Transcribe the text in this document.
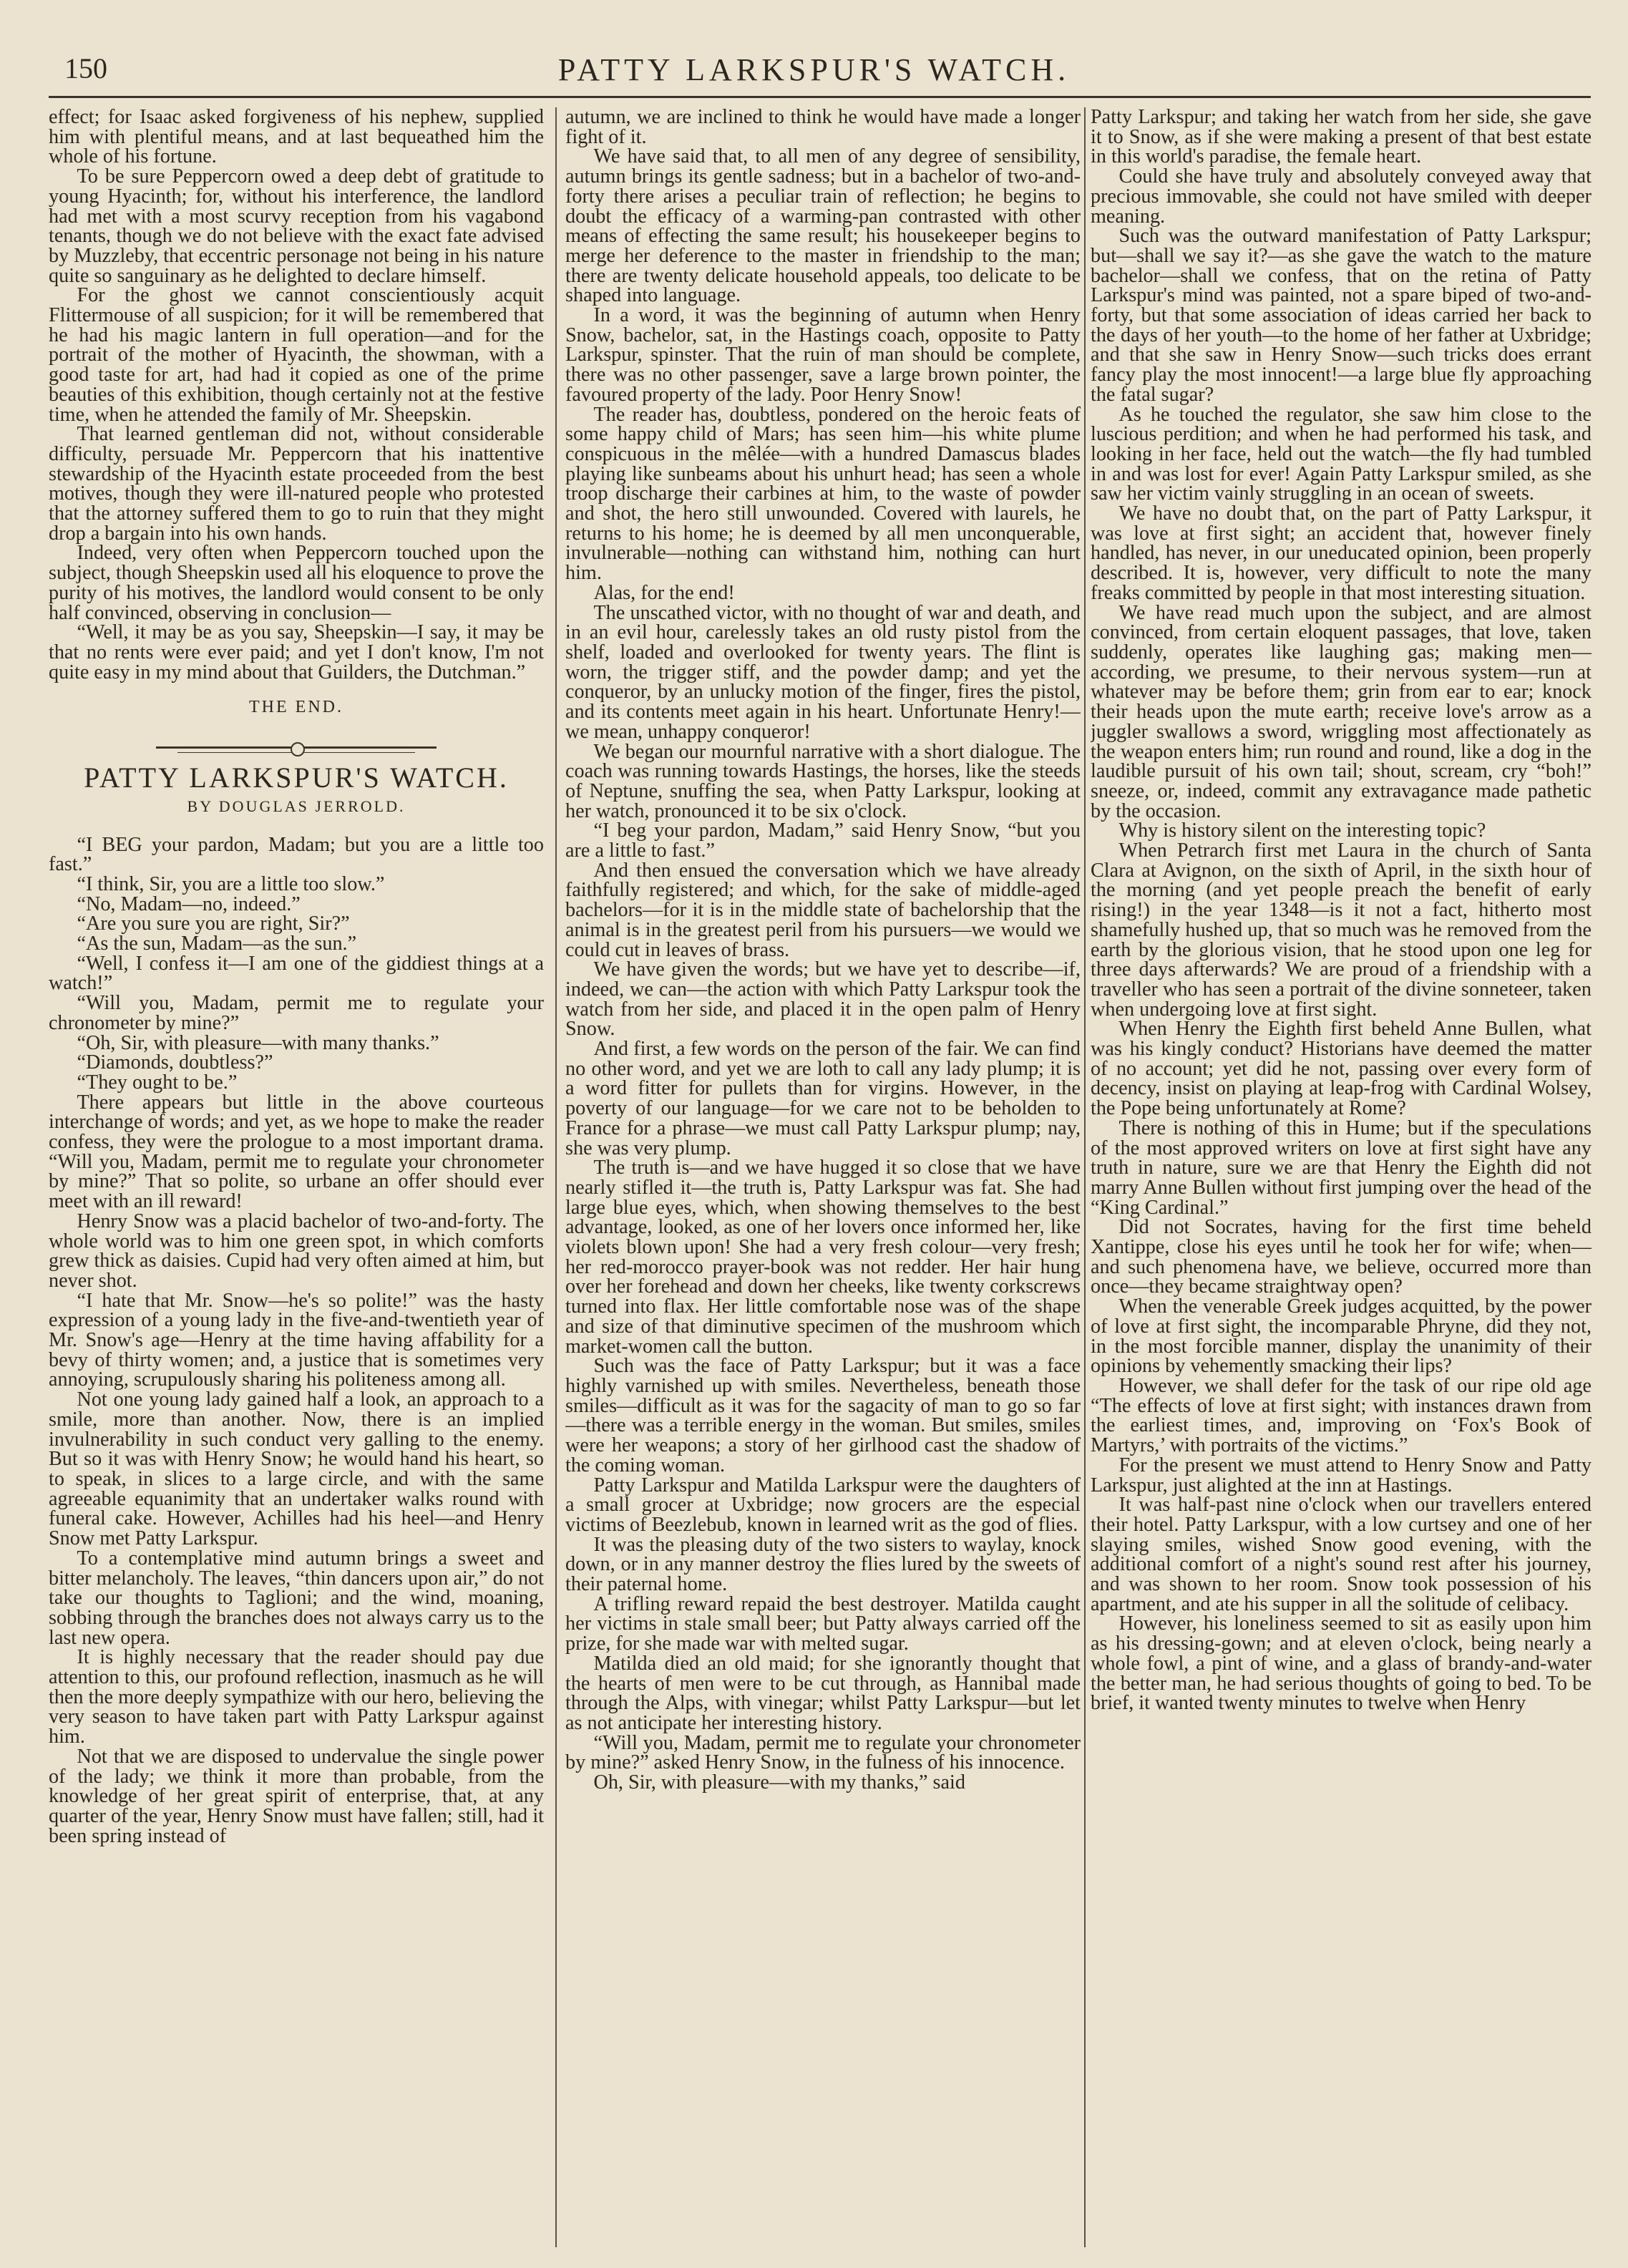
150	PATTY LARKSPUR'S WATCH.

effect; for Isaac asked forgiveness of his nephew, supplied him with plentiful means, and at last bequeathed him the whole of his fortune.

To be sure Peppercorn owed a deep debt of gratitude to young Hyacinth; for, without his interference, the landlord had met with a most scurvy reception from his vagabond tenants, though we do not believe with the exact fate advised by Muzzleby, that eccentric personage not being in his nature quite so sanguinary as he delighted to declare himself.

For the ghost we cannot conscientiously acquit Flittermouse of all suspicion; for it will be remembered that he had his magic lantern in full operation—and for the portrait of the mother of Hyacinth, the showman, with a good taste for art, had had it copied as one of the prime beauties of this exhibition, though certainly not at the festive time, when he attended the family of Mr. Sheepskin.

That learned gentleman did not, without considerable difficulty, persuade Mr. Peppercorn that his inattentive stewardship of the Hyacinth estate proceeded from the best motives, though they were ill-natured people who protested that the attorney suffered them to go to ruin that they might drop a bargain into his own hands.

Indeed, very often when Peppercorn touched upon the subject, though Sheepskin used all his eloquence to prove the purity of his motives, the landlord would consent to be only half convinced, observing in conclusion—

“Well, it may be as you say, Sheepskin—I say, it may be that no rents were ever paid; and yet I don't know, I'm not quite easy in my mind about that Guilders, the Dutchman.”

THE END.

PATTY LARKSPUR'S WATCH.

BY DOUGLAS JERROLD.

“I BEG your pardon, Madam; but you are a little too fast.”

“I think, Sir, you are a little too slow.”

“No, Madam—no, indeed.”

“Are you sure you are right, Sir?”

“As the sun, Madam—as the sun.”

“Well, I confess it—I am one of the giddiest things at a watch!”

“Will you, Madam, permit me to regulate your chronometer by mine?”

“Oh, Sir, with pleasure—with many thanks.”

“Diamonds, doubtless?”

“They ought to be.”

There appears but little in the above courteous interchange of words; and yet, as we hope to make the reader confess, they were the prologue to a most important drama. “Will you, Madam, permit me to regulate your chronometer by mine?” That so polite, so urbane an offer should ever meet with an ill reward!

Henry Snow was a placid bachelor of two-and-forty. The whole world was to him one green spot, in which comforts grew thick as daisies. Cupid had very often aimed at him, but never shot.

“I hate that Mr. Snow—he's so polite!” was the hasty expression of a young lady in the five-and-twentieth year of Mr. Snow's age—Henry at the time having affability for a bevy of thirty women; and, a justice that is sometimes very annoying, scrupulously sharing his politeness among all.

Not one young lady gained half a look, an approach to a smile, more than another. Now, there is an implied invulnerability in such conduct very galling to the enemy. But so it was with Henry Snow; he would hand his heart, so to speak, in slices to a large circle, and with the same agreeable equanimity that an undertaker walks round with funeral cake. However, Achilles had his heel—and Henry Snow met Patty Larkspur.

To a contemplative mind autumn brings a sweet and bitter melancholy. The leaves, “thin dancers upon air,” do not take our thoughts to Taglioni; and the wind, moaning, sobbing through the branches does not always carry us to the last new opera.

It is highly necessary that the reader should pay due attention to this, our profound reflection, inasmuch as he will then the more deeply sympathize with our hero, believing the very season to have taken part with Patty Larkspur against him.

Not that we are disposed to undervalue the single power of the lady; we think it more than probable, from the knowledge of her great spirit of enterprise, that, at any quarter of the year, Henry Snow must have fallen; still, had it been spring instead of

autumn, we are inclined to think he would have made a longer fight of it.

We have said that, to all men of any degree of sensibility, autumn brings its gentle sadness; but in a bachelor of two-and-forty there arises a peculiar train of reflection; he begins to doubt the efficacy of a warming-pan contrasted with other means of effecting the same result; his housekeeper begins to merge her deference to the master in friendship to the man; there are twenty delicate household appeals, too delicate to be shaped into language.

In a word, it was the beginning of autumn when Henry Snow, bachelor, sat, in the Hastings coach, opposite to Patty Larkspur, spinster. That the ruin of man should be complete, there was no other passenger, save a large brown pointer, the favoured property of the lady. Poor Henry Snow!

The reader has, doubtless, pondered on the heroic feats of some happy child of Mars; has seen him—his white plume conspicuous in the mêlée—with a hundred Damascus blades playing like sunbeams about his unhurt head; has seen a whole troop discharge their carbines at him, to the waste of powder and shot, the hero still unwounded. Covered with laurels, he returns to his home; he is deemed by all men unconquerable, invulnerable—nothing can withstand him, nothing can hurt him.

Alas, for the end!

The unscathed victor, with no thought of war and death, and in an evil hour, carelessly takes an old rusty pistol from the shelf, loaded and overlooked for twenty years. The flint is worn, the trigger stiff, and the powder damp; and yet the conqueror, by an unlucky motion of the finger, fires the pistol, and its contents meet again in his heart. Unfortunate Henry!—we mean, unhappy conqueror!

We began our mournful narrative with a short dialogue. The coach was running towards Hastings, the horses, like the steeds of Neptune, snuffing the sea, when Patty Larkspur, looking at her watch, pronounced it to be six o'clock.

“I beg your pardon, Madam,” said Henry Snow, “but you are a little to fast.”

And then ensued the conversation which we have already faithfully registered; and which, for the sake of middle-aged bachelors—for it is in the middle state of bachelorship that the animal is in the greatest peril from his pursuers—we would we could cut in leaves of brass.

We have given the words; but we have yet to describe—if, indeed, we can—the action with which Patty Larkspur took the watch from her side, and placed it in the open palm of Henry Snow.

And first, a few words on the person of the fair. We can find no other word, and yet we are loth to call any lady plump; it is a word fitter for pullets than for virgins. However, in the poverty of our language—for we care not to be beholden to France for a phrase—we must call Patty Larkspur plump; nay, she was very plump.

The truth is—and we have hugged it so close that we have nearly stifled it—the truth is, Patty Larkspur was fat. She had large blue eyes, which, when showing themselves to the best advantage, looked, as one of her lovers once informed her, like violets blown upon! She had a very fresh colour—very fresh; her red-morocco prayer-book was not redder. Her hair hung over her forehead and down her cheeks, like twenty corkscrews turned into flax. Her little comfortable nose was of the shape and size of that diminutive specimen of the mushroom which market-women call the button.

Such was the face of Patty Larkspur; but it was a face highly varnished up with smiles. Nevertheless, beneath those smiles—difficult as it was for the sagacity of man to go so far—there was a terrible energy in the woman. But smiles, smiles were her weapons; a story of her girlhood cast the shadow of the coming woman.

Patty Larkspur and Matilda Larkspur were the daughters of a small grocer at Uxbridge; now grocers are the especial victims of Beezlebub, known in learned writ as the god of flies.

It was the pleasing duty of the two sisters to waylay, knock down, or in any manner destroy the flies lured by the sweets of their paternal home.

A trifling reward repaid the best destroyer. Matilda caught her victims in stale small beer; but Patty always carried off the prize, for she made war with melted sugar.

Matilda died an old maid; for she ignorantly thought that the hearts of men were to be cut through, as Hannibal made through the Alps, with vinegar; whilst Patty Larkspur—but let as not anticipate her interesting history.

“Will you, Madam, permit me to regulate your chronometer by mine?” asked Henry Snow, in the fulness of his innocence.

Oh, Sir, with pleasure—with my thanks,” said

Patty Larkspur; and taking her watch from her side, she gave it to Snow, as if she were making a present of that best estate in this world's paradise, the female heart.

Could she have truly and absolutely conveyed away that precious immovable, she could not have smiled with deeper meaning.

Such was the outward manifestation of Patty Larkspur; but—shall we say it?—as she gave the watch to the mature bachelor—shall we confess, that on the retina of Patty Larkspur's mind was painted, not a spare biped of two-and-forty, but that some association of ideas carried her back to the days of her youth—to the home of her father at Uxbridge; and that she saw in Henry Snow—such tricks does errant fancy play the most innocent!—a large blue fly approaching the fatal sugar?

As he touched the regulator, she saw him close to the luscious perdition; and when he had performed his task, and looking in her face, held out the watch—the fly had tumbled in and was lost for ever! Again Patty Larkspur smiled, as she saw her victim vainly struggling in an ocean of sweets.

We have no doubt that, on the part of Patty Larkspur, it was love at first sight; an accident that, however finely handled, has never, in our uneducated opinion, been properly described. It is, however, very difficult to note the many freaks committed by people in that most interesting situation.

We have read much upon the subject, and are almost convinced, from certain eloquent passages, that love, taken suddenly, operates like laughing gas; making men—according, we presume, to their nervous system—run at whatever may be before them; grin from ear to ear; knock their heads upon the mute earth; receive love's arrow as a juggler swallows a sword, wriggling most affectionately as the weapon enters him; run round and round, like a dog in the laudible pursuit of his own tail; shout, scream, cry “boh!” sneeze, or, indeed, commit any extravagance made pathetic by the occasion.

Why is history silent on the interesting topic?

When Petrarch first met Laura in the church of Santa Clara at Avignon, on the sixth of April, in the sixth hour of the morning (and yet people preach the benefit of early rising!) in the year 1348—is it not a fact, hitherto most shamefully hushed up, that so much was he removed from the earth by the glorious vision, that he stood upon one leg for three days afterwards? We are proud of a friendship with a traveller who has seen a portrait of the divine sonneteer, taken when undergoing love at first sight.

When Henry the Eighth first beheld Anne Bullen, what was his kingly conduct? Historians have deemed the matter of no account; yet did he not, passing over every form of decency, insist on playing at leap-frog with Cardinal Wolsey, the Pope being unfortunately at Rome?

There is nothing of this in Hume; but if the speculations of the most approved writers on love at first sight have any truth in nature, sure we are that Henry the Eighth did not marry Anne Bullen without first jumping over the head of the “King Cardinal.”

Did not Socrates, having for the first time beheld Xantippe, close his eyes until he took her for wife; when—and such phenomena have, we believe, occurred more than once—they became straightway open?

When the venerable Greek judges acquitted, by the power of love at first sight, the incomparable Phryne, did they not, in the most forcible manner, display the unanimity of their opinions by vehemently smacking their lips?

However, we shall defer for the task of our ripe old age “The effects of love at first sight; with instances drawn from the earliest times, and, improving on ‘Fox's Book of Martyrs,’ with portraits of the victims.”

For the present we must attend to Henry Snow and Patty Larkspur, just alighted at the inn at Hastings.

It was half-past nine o'clock when our travellers entered their hotel. Patty Larkspur, with a low curtsey and one of her slaying smiles, wished Snow good evening, with the additional comfort of a night's sound rest after his journey, and was shown to her room. Snow took possession of his apartment, and ate his supper in all the solitude of celibacy.

However, his loneliness seemed to sit as easily upon him as his dressing-gown; and at eleven o'clock, being nearly a whole fowl, a pint of wine, and a glass of brandy-and-water the better man, he had serious thoughts of going to bed. To be brief, it wanted twenty minutes to twelve when Henry
